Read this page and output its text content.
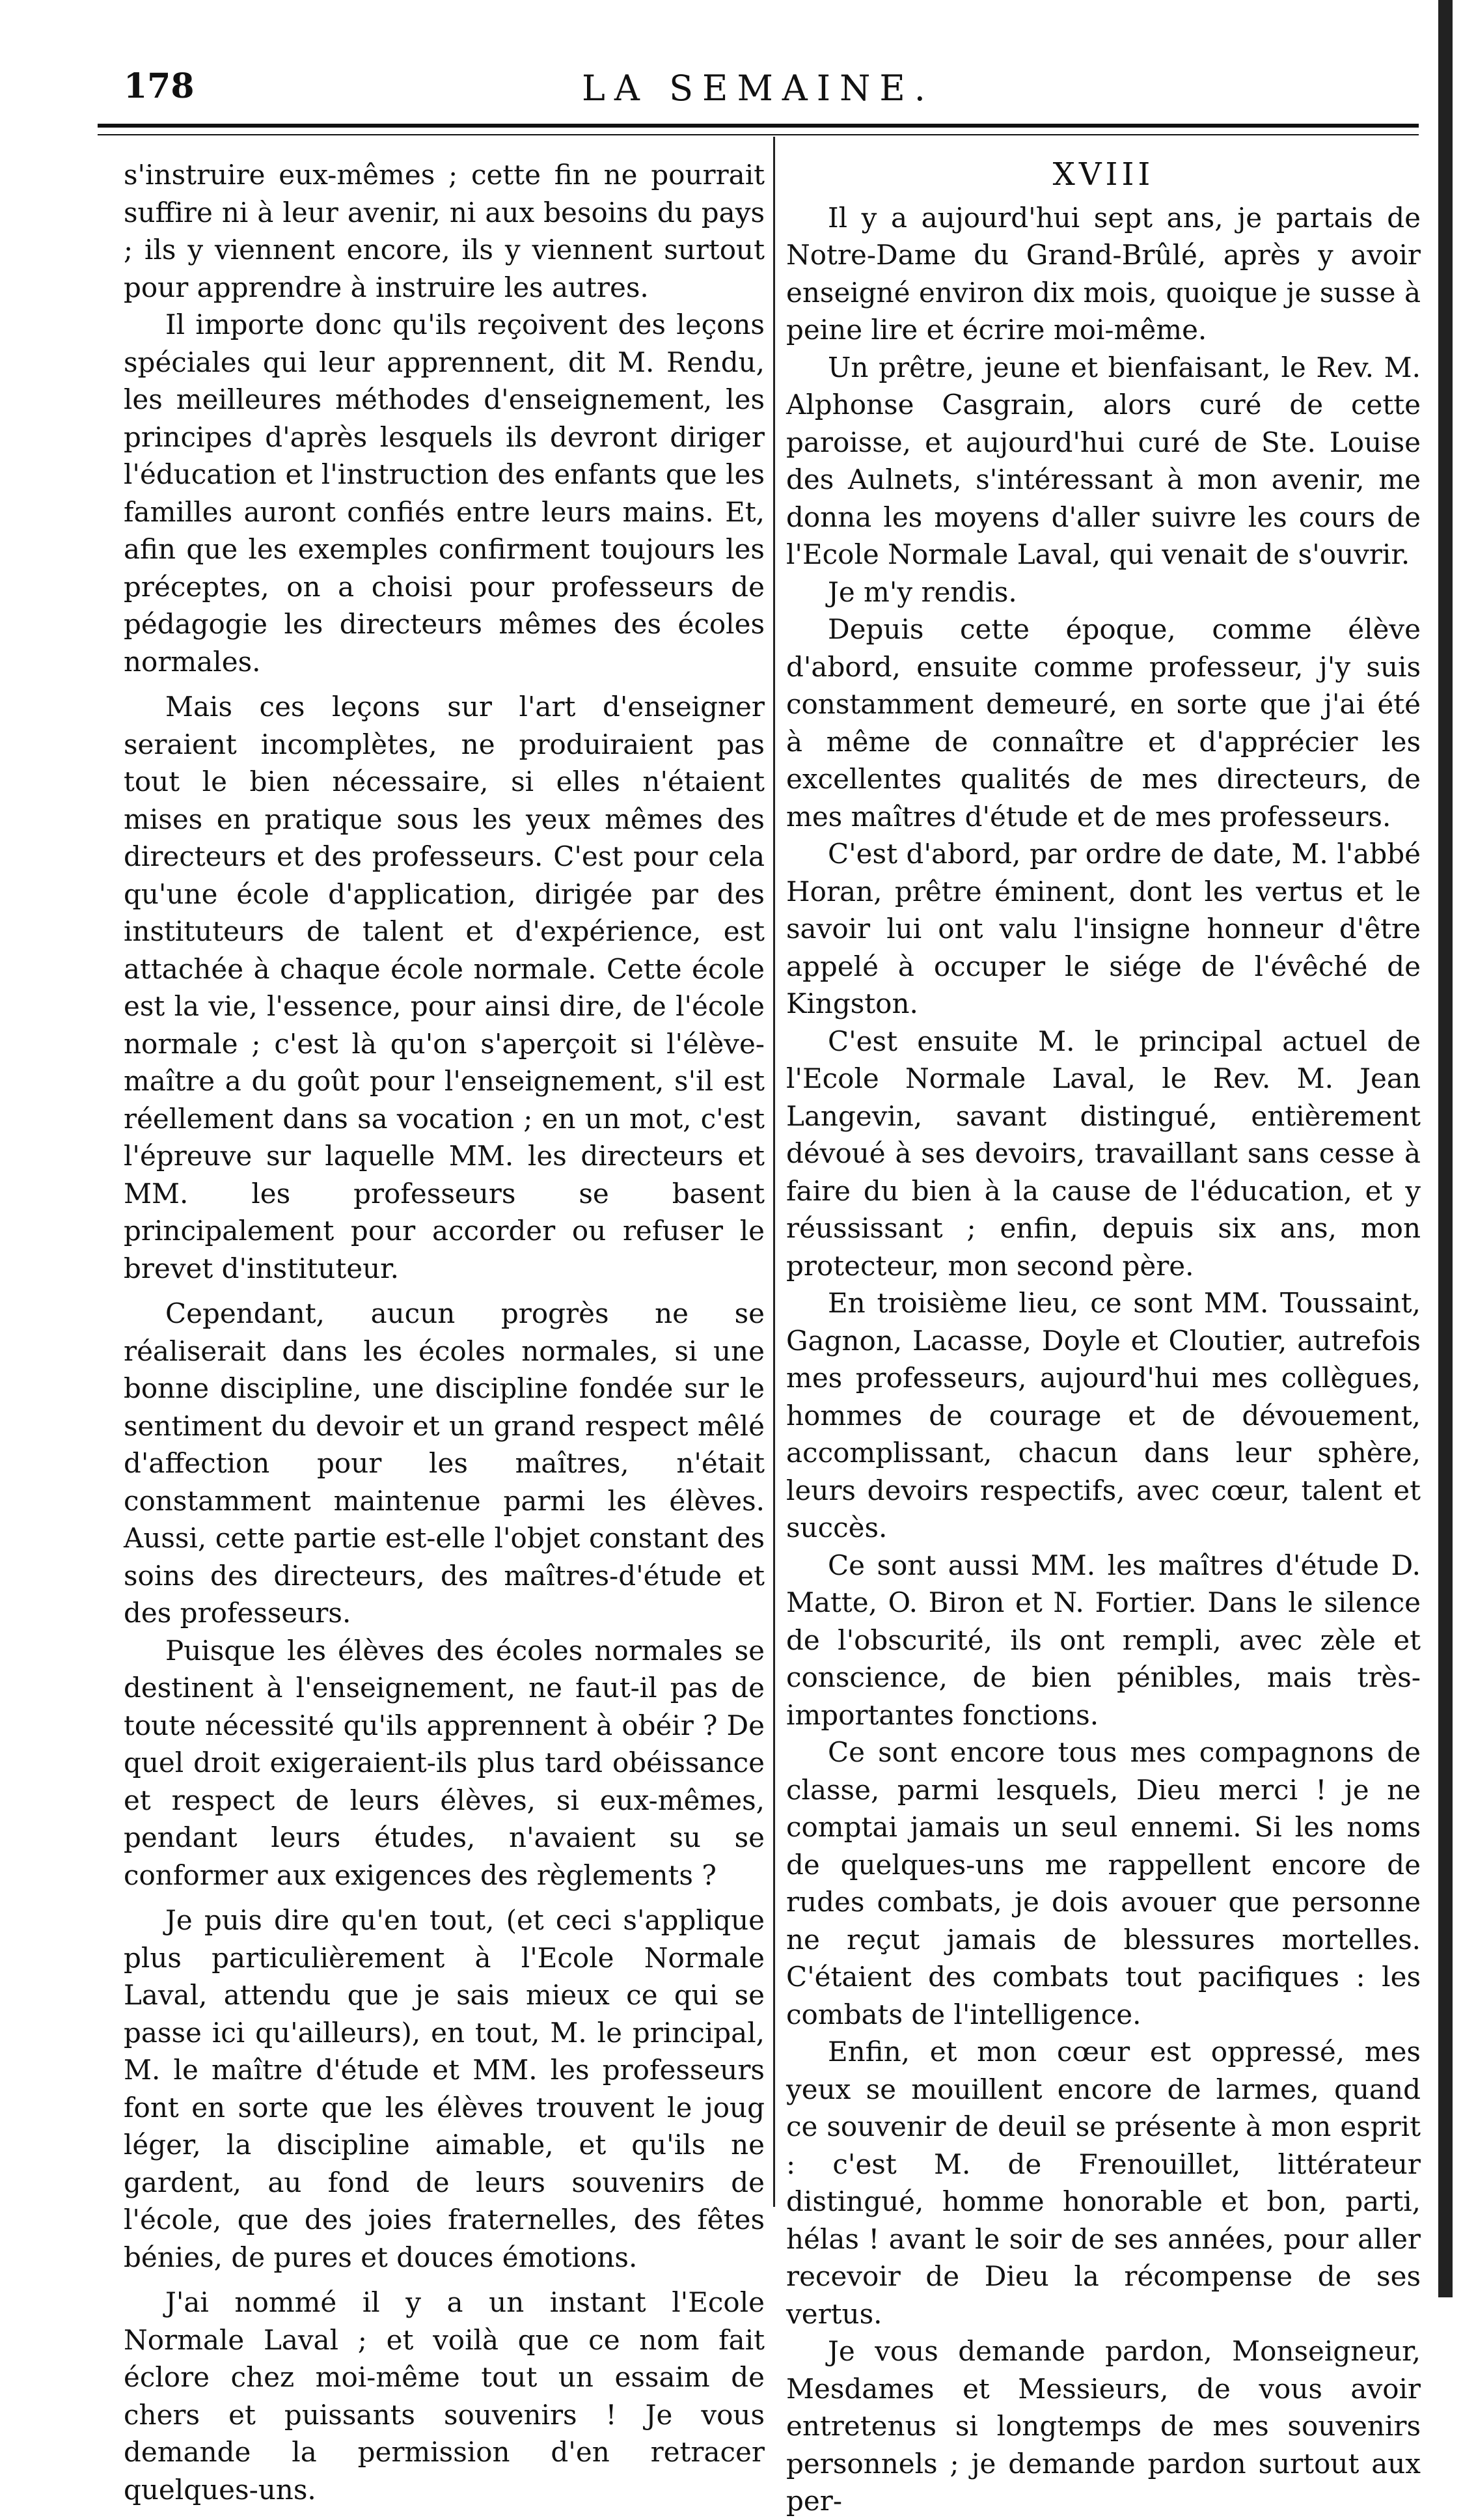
178	LA SEMAINE.

s'instruire eux-mêmes ; cette fin ne pourrait suffire ni à leur avenir, ni aux besoins du pays ; ils y viennent encore, ils y viennent surtout pour apprendre à instruire les autres.

Il importe donc qu'ils reçoivent des leçons spéciales qui leur apprennent, dit M. Rendu, les meilleures méthodes d'enseignement, les principes d'après lesquels ils devront diriger l'éducation et l'instruction des enfants que les familles auront confiés entre leurs mains. Et, afin que les exemples confirment toujours les préceptes, on a choisi pour professeurs de pédagogie les directeurs mêmes des écoles normales.

Mais ces leçons sur l'art d'enseigner seraient incomplètes, ne produiraient pas tout le bien nécessaire, si elles n'étaient mises en pratique sous les yeux mêmes des directeurs et des professeurs. C'est pour cela qu'une école d'application, dirigée par des instituteurs de talent et d'expérience, est attachée à chaque école normale. Cette école est la vie, l'essence, pour ainsi dire, de l'école normale ; c'est là qu'on s'aperçoit si l'élève-maître a du goût pour l'enseignement, s'il est réellement dans sa vocation ; en un mot, c'est l'épreuve sur laquelle MM. les directeurs et MM. les professeurs se basent principalement pour accorder ou refuser le brevet d'instituteur.

Cependant, aucun progrès ne se réaliserait dans les écoles normales, si une bonne discipline, une discipline fondée sur le sentiment du devoir et un grand respect mêlé d'affection pour les maîtres, n'était constamment maintenue parmi les élèves. Aussi, cette partie est-elle l'objet constant des soins des directeurs, des maîtres-d'étude et des professeurs.

Puisque les élèves des écoles normales se destinent à l'enseignement, ne faut-il pas de toute nécessité qu'ils apprennent à obéir ? De quel droit exigeraient-ils plus tard obéissance et respect de leurs élèves, si eux-mêmes, pendant leurs études, n'avaient su se conformer aux exigences des règlements ?

Je puis dire qu'en tout, (et ceci s'applique plus particulièrement à l'Ecole Normale Laval, attendu que je sais mieux ce qui se passe ici qu'ailleurs), en tout, M. le principal, M. le maître d'étude et MM. les professeurs font en sorte que les élèves trouvent le joug léger, la discipline aimable, et qu'ils ne gardent, au fond de leurs souvenirs de l'école, que des joies fraternelles, des fêtes bénies, de pures et douces émotions.

J'ai nommé il y a un instant l'Ecole Normale Laval ; et voilà que ce nom fait éclore chez moi-même tout un essaim de chers et puissants souvenirs ! Je vous demande la permission d'en retracer quelques-uns.

XVIII

Il y a aujourd'hui sept ans, je partais de Notre-Dame du Grand-Brûlé, après y avoir enseigné environ dix mois, quoique je susse à peine lire et écrire moi-même.

Un prêtre, jeune et bienfaisant, le Rev. M. Alphonse Casgrain, alors curé de cette paroisse, et aujourd'hui curé de Ste. Louise des Aulnets, s'intéressant à mon avenir, me donna les moyens d'aller suivre les cours de l'Ecole Normale Laval, qui venait de s'ouvrir.

Je m'y rendis.

Depuis cette époque, comme élève d'abord, ensuite comme professeur, j'y suis constamment demeuré, en sorte que j'ai été à même de connaître et d'apprécier les excellentes qualités de mes directeurs, de mes maîtres d'étude et de mes professeurs.

C'est d'abord, par ordre de date, M. l'abbé Horan, prêtre éminent, dont les vertus et le savoir lui ont valu l'insigne honneur d'être appelé à occuper le siége de l'évêché de Kingston.

C'est ensuite M. le principal actuel de l'Ecole Normale Laval, le Rev. M. Jean Langevin, savant distingué, entièrement dévoué à ses devoirs, travaillant sans cesse à faire du bien à la cause de l'éducation, et y réussissant ; enfin, depuis six ans, mon protecteur, mon second père.

En troisième lieu, ce sont MM. Toussaint, Gagnon, Lacasse, Doyle et Cloutier, autrefois mes professeurs, aujourd'hui mes collègues, hommes de courage et de dévouement, accomplissant, chacun dans leur sphère, leurs devoirs respectifs, avec cœur, talent et succès.

Ce sont aussi MM. les maîtres d'étude D. Matte, O. Biron et N. Fortier. Dans le silence de l'obscurité, ils ont rempli, avec zèle et conscience, de bien pénibles, mais très-importantes fonctions.

Ce sont encore tous mes compagnons de classe, parmi lesquels, Dieu merci ! je ne comptai jamais un seul ennemi. Si les noms de quelques-uns me rappellent encore de rudes combats, je dois avouer que personne ne reçut jamais de blessures mortelles. C'étaient des combats tout pacifiques : les combats de l'intelligence.

Enfin, et mon cœur est oppressé, mes yeux se mouillent encore de larmes, quand ce souvenir de deuil se présente à mon esprit : c'est M. de Frenouillet, littérateur distingué, homme honorable et bon, parti, hélas ! avant le soir de ses années, pour aller recevoir de Dieu la récompense de ses vertus.

Je vous demande pardon, Monseigneur, Mesdames et Messieurs, de vous avoir entretenus si longtemps de mes souvenirs personnels ; je demande pardon surtout aux per-
